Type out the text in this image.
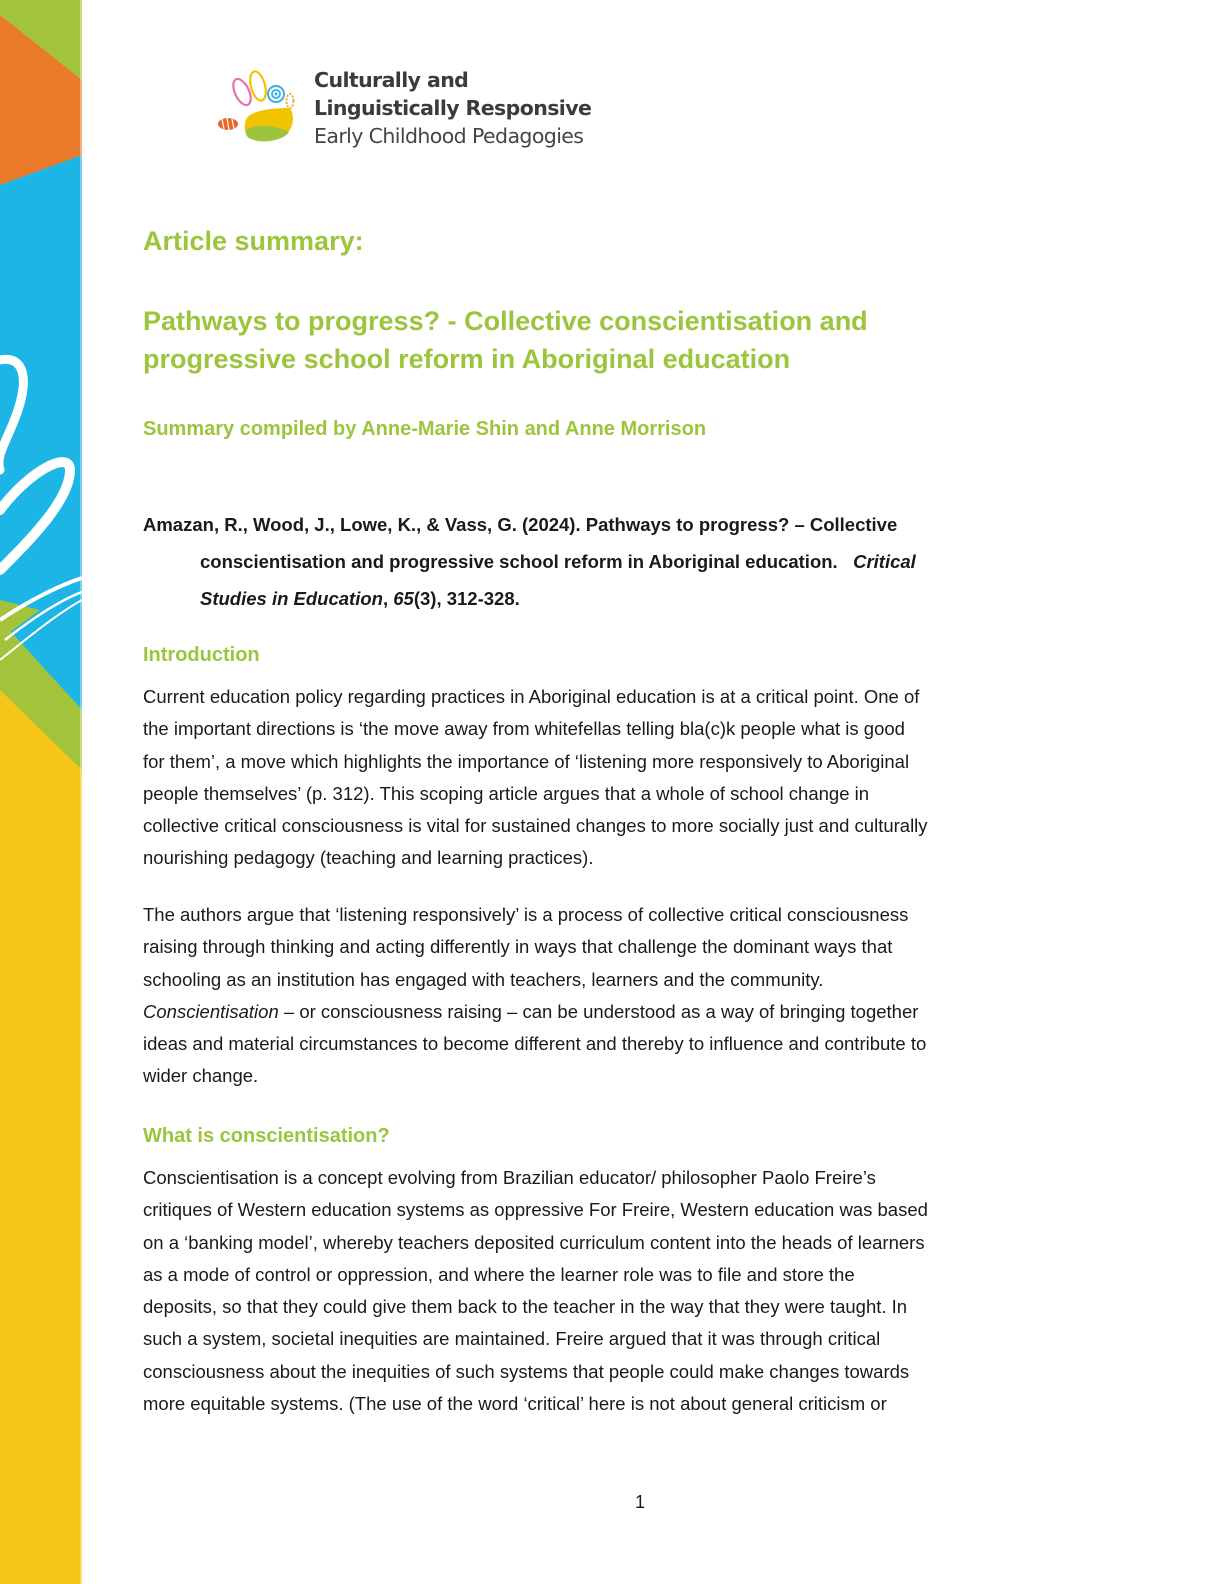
Culturally and
Linguistically Responsive
Early Childhood Pedagogies
Article summary:
Pathways to progress? - Collective conscientisation and
progressive school reform in Aboriginal education
Summary compiled by Anne-Marie Shin and Anne Morrison
Amazan, R., Wood, J., Lowe, K., & Vass, G. (2024). Pathways to progress? – Collective
conscientisation and progressive school reform in Aboriginal education. Critical
Studies in Education, 65(3), 312-328.
Introduction
Current education policy regarding practices in Aboriginal education is at a critical point. One of
the important directions is ‘the move away from whitefellas telling bla(c)k people what is good
for them’, a move which highlights the importance of ‘listening more responsively to Aboriginal
people themselves’ (p. 312). This scoping article argues that a whole of school change in
collective critical consciousness is vital for sustained changes to more socially just and culturally
nourishing pedagogy (teaching and learning practices).
The authors argue that ‘listening responsively’ is a process of collective critical consciousness
raising through thinking and acting differently in ways that challenge the dominant ways that
schooling as an institution has engaged with teachers, learners and the community.
Conscientisation – or consciousness raising – can be understood as a way of bringing together
ideas and material circumstances to become different and thereby to influence and contribute to
wider change.
What is conscientisation?
Conscientisation is a concept evolving from Brazilian educator/ philosopher Paolo Freire’s
critiques of Western education systems as oppressive For Freire, Western education was based
on a ‘banking model’, whereby teachers deposited curriculum content into the heads of learners
as a mode of control or oppression, and where the learner role was to file and store the
deposits, so that they could give them back to the teacher in the way that they were taught. In
such a system, societal inequities are maintained. Freire argued that it was through critical
consciousness about the inequities of such systems that people could make changes towards
more equitable systems. (The use of the word ‘critical’ here is not about general criticism or
1
